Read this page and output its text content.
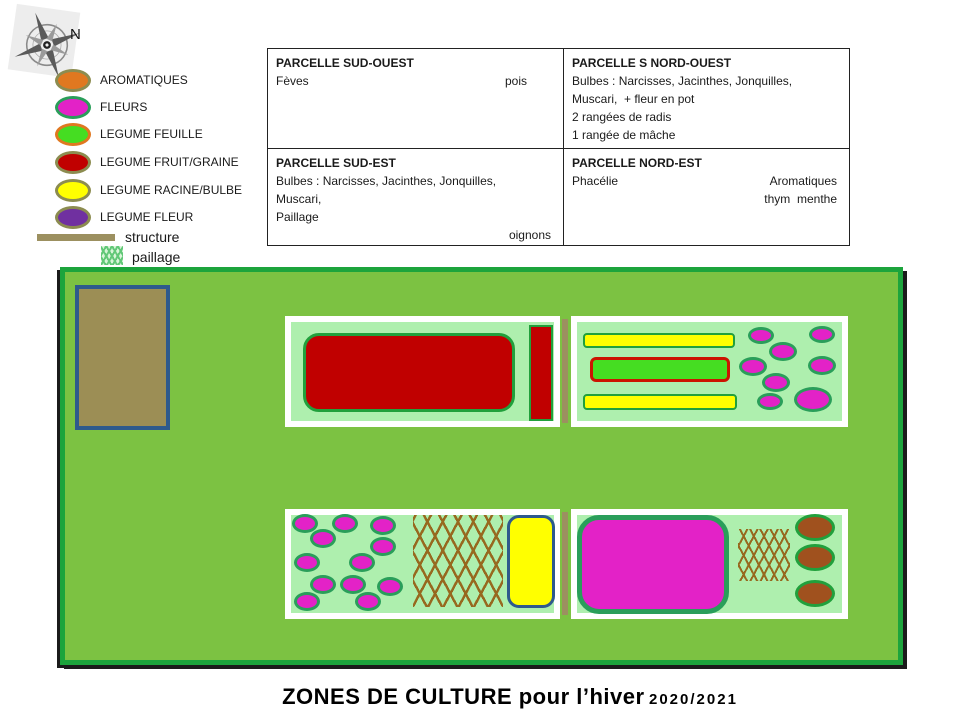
N
AROMATIQUES
FLEURS
LEGUME FEUILLE
LEGUME FRUIT/GRAINE
LEGUME RACINE/BULBE
LEGUME FLEUR
structure
paillage
PARCELLE SUD-OUEST
Fèves	pois
PARCELLE S NORD-OUEST
Bulbes : Narcisses, Jacinthes, Jonquilles,
Muscari,  + fleur en pot
2 rangées de radis
1 rangée de mâche
PARCELLE SUD-EST
Bulbes : Narcisses, Jacinthes, Jonquilles,
Muscari,
Paillage
oignons
PARCELLE NORD-EST
Phacélie	Aromatiques
thym  menthe
ZONES DE CULTURE pour l’hiver 2020/2021
